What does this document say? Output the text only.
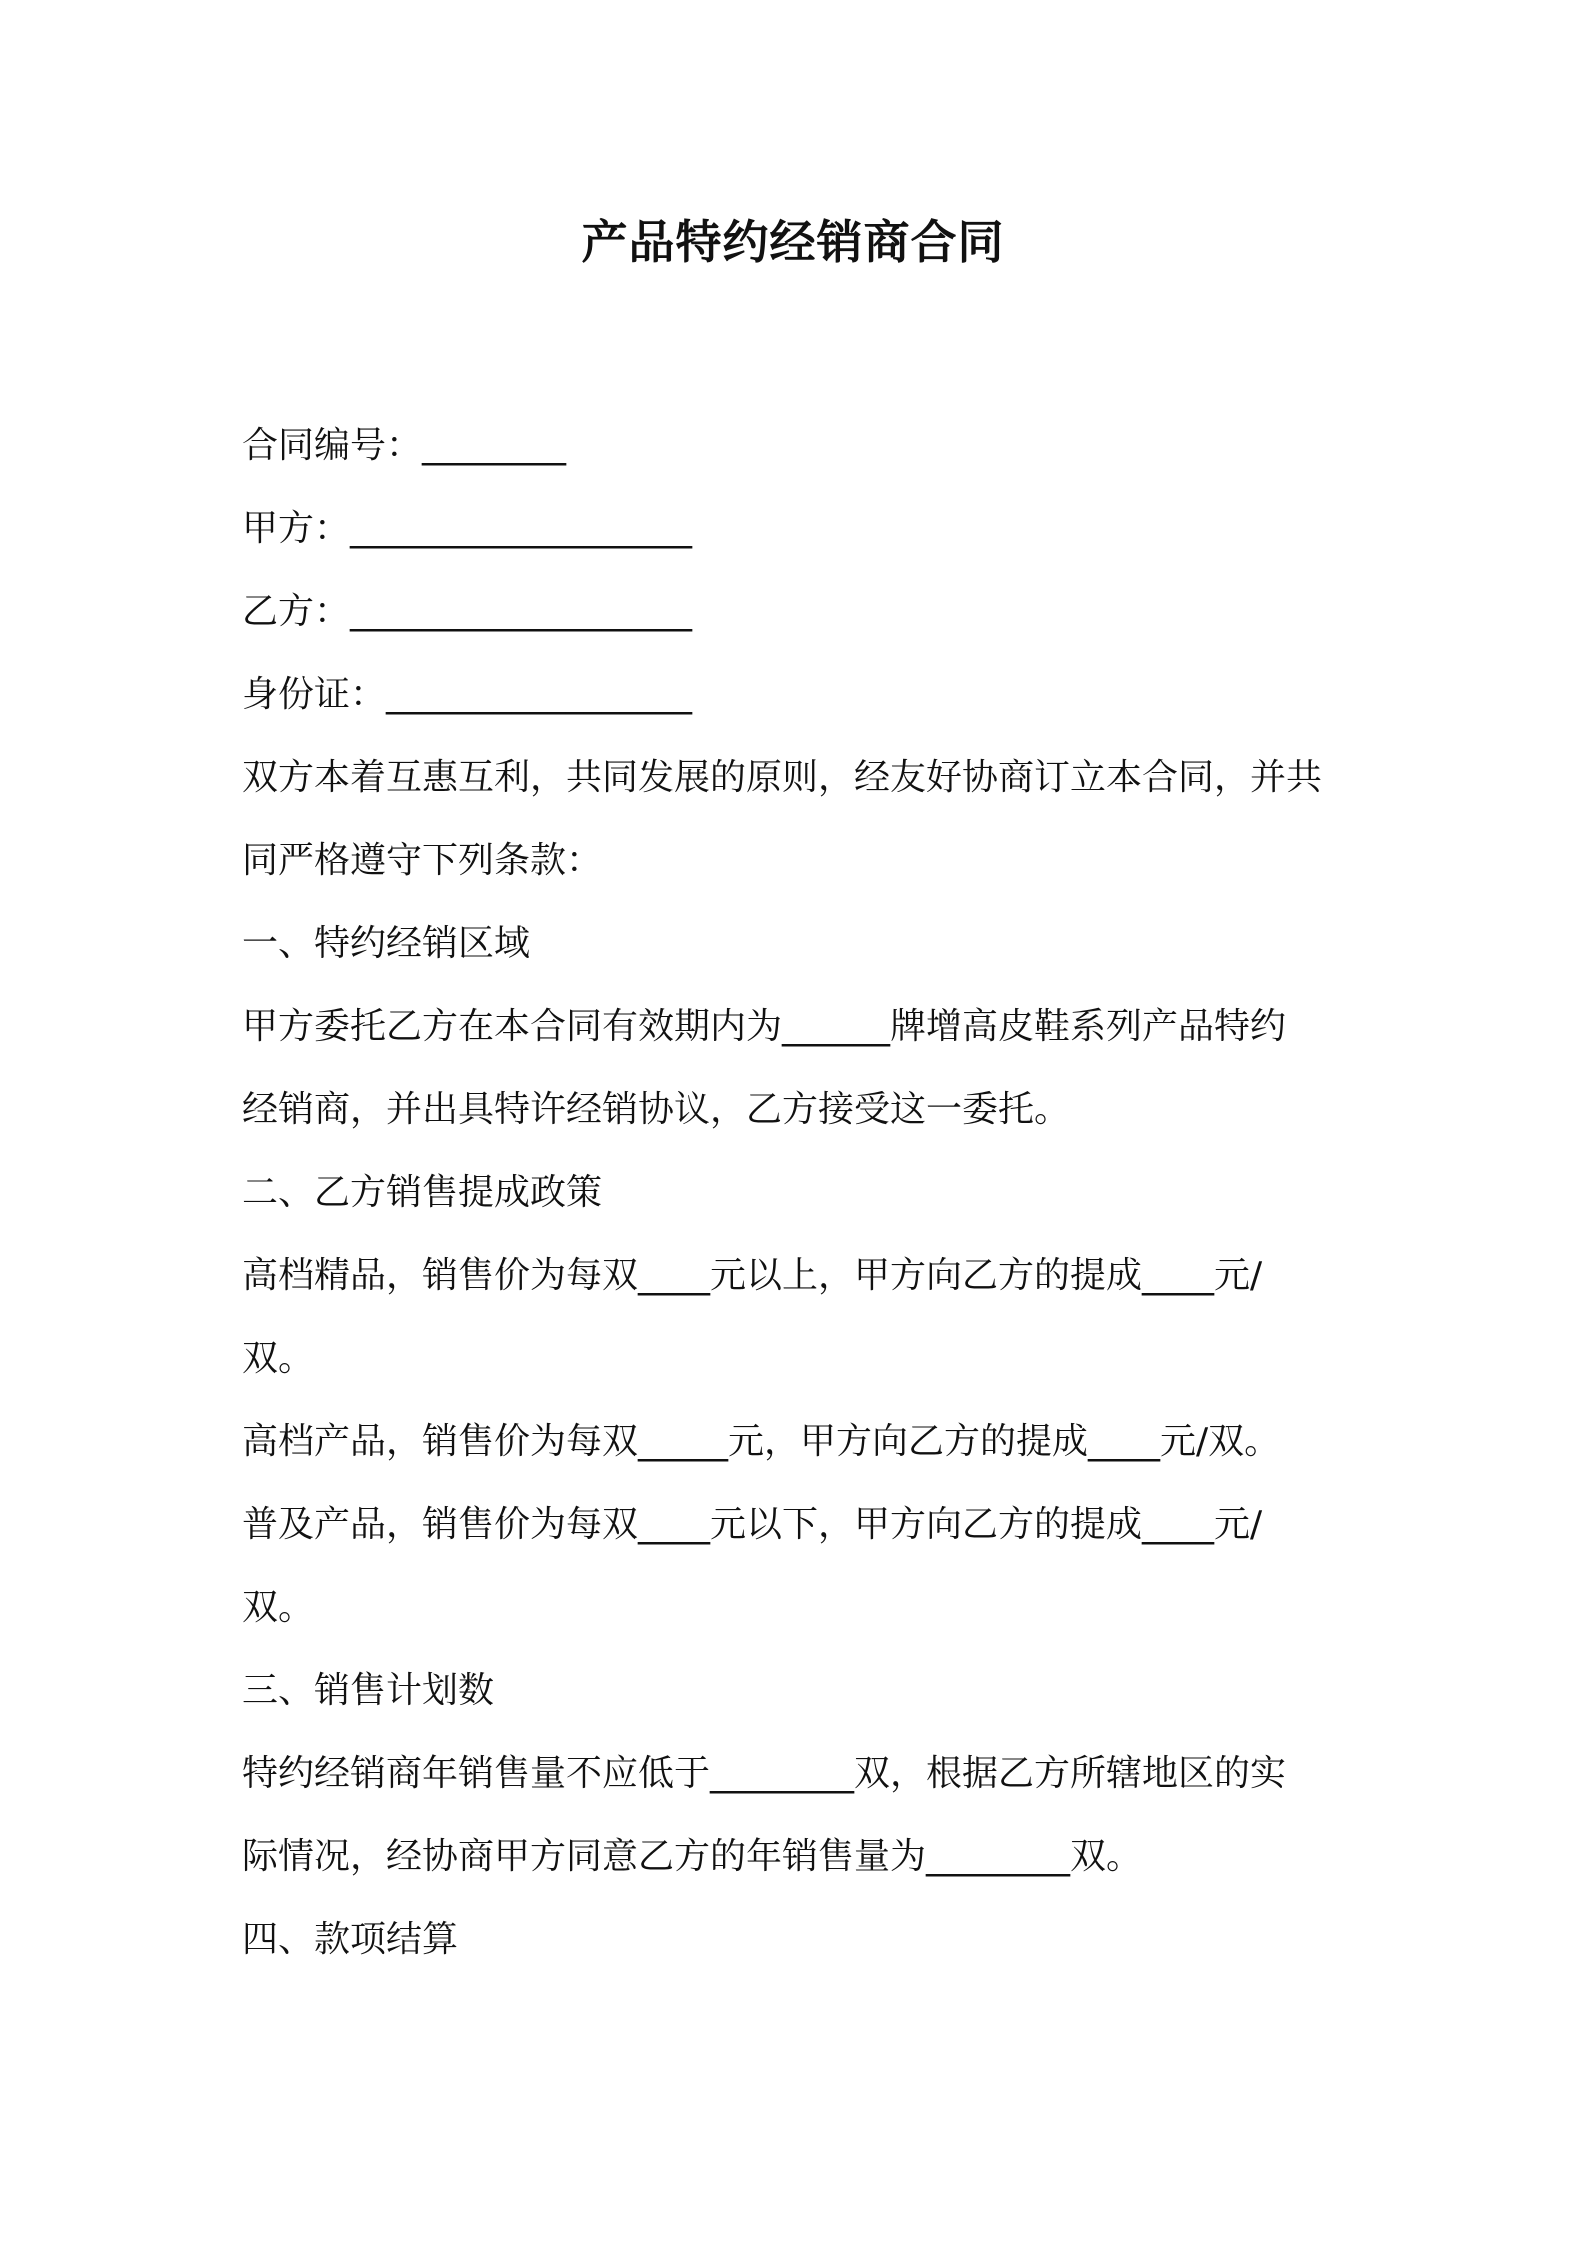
产品特约经销商合同

合同编号：________

甲方：___________________

乙方：___________________

身份证：_________________

双方本着互惠互利，共同发展的原则，经友好协商订立本合同，并共

同严格遵守下列条款：

一、特约经销区域

甲方委托乙方在本合同有效期内为______牌增高皮鞋系列产品特约

经销商，并出具特许经销协议，乙方接受这一委托。

二、乙方销售提成政策

高档精品，销售价为每双____元以上，甲方向乙方的提成____元/

双。

高档产品，销售价为每双_____元，甲方向乙方的提成____元/双。

普及产品，销售价为每双____元以下，甲方向乙方的提成____元/

双。

三、销售计划数

特约经销商年销售量不应低于________双，根据乙方所辖地区的实

际情况，经协商甲方同意乙方的年销售量为________双。

四、款项结算
